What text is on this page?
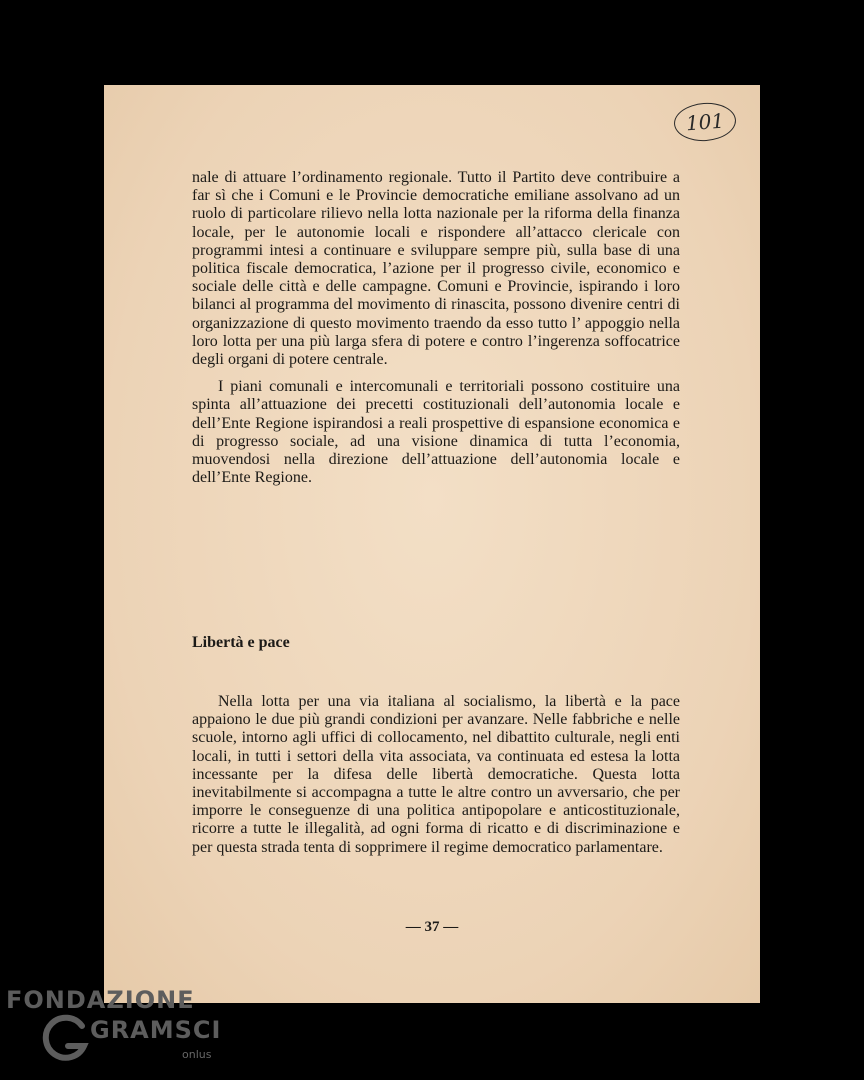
101

nale di attuare l’ordinamento regionale. Tutto il Partito deve contribuire a far sì che i Comuni e le Provincie democratiche emiliane assolvano ad un ruolo di particolare rilievo nella lotta nazionale per la riforma della finanza locale, per le autonomie locali e rispondere all’attacco clericale con programmi intesi a continuare e sviluppare sempre più, sulla base di una politica fiscale democratica, l’azione per il progresso civile, economico e sociale delle città e delle campagne. Comuni e Provincie, ispirando i loro bilanci al programma del movimento di rinascita, possono divenire centri di organizzazione di questo movimento traendo da esso tutto l’ appoggio nella loro lotta per una più larga sfera di potere e contro l’ingerenza soffocatrice degli organi di potere centrale.

I piani comunali e intercomunali e territoriali possono costituire una spinta all’attuazione dei precetti costituzionali dell’autonomia locale e dell’Ente Regione ispirandosi a reali prospettive di espansione economica e di progresso sociale, ad una visione dinamica di tutta l’economia, muovendosi nella direzione dell’attuazione dell’autonomia locale e dell’Ente Regione.

Libertà e pace

Nella lotta per una via italiana al socialismo, la libertà e la pace appaiono le due più grandi condizioni per avanzare. Nelle fabbriche e nelle scuole, intorno agli uffici di collocamento, nel dibattito culturale, negli enti locali, in tutti i settori della vita associata, va continuata ed estesa la lotta incessante per la difesa delle libertà democratiche. Questa lotta inevitabilmente si accompagna a tutte le altre contro un avversario, che per imporre le conseguenze di una politica antipopolare e anticostituzionale, ricorre a tutte le illegalità, ad ogni forma di ricatto e di discriminazione e per questa strada tenta di sopprimere il regime democratico parlamentare.

— 37 —
FONDAZIONE
GRAMSCI
onlus
